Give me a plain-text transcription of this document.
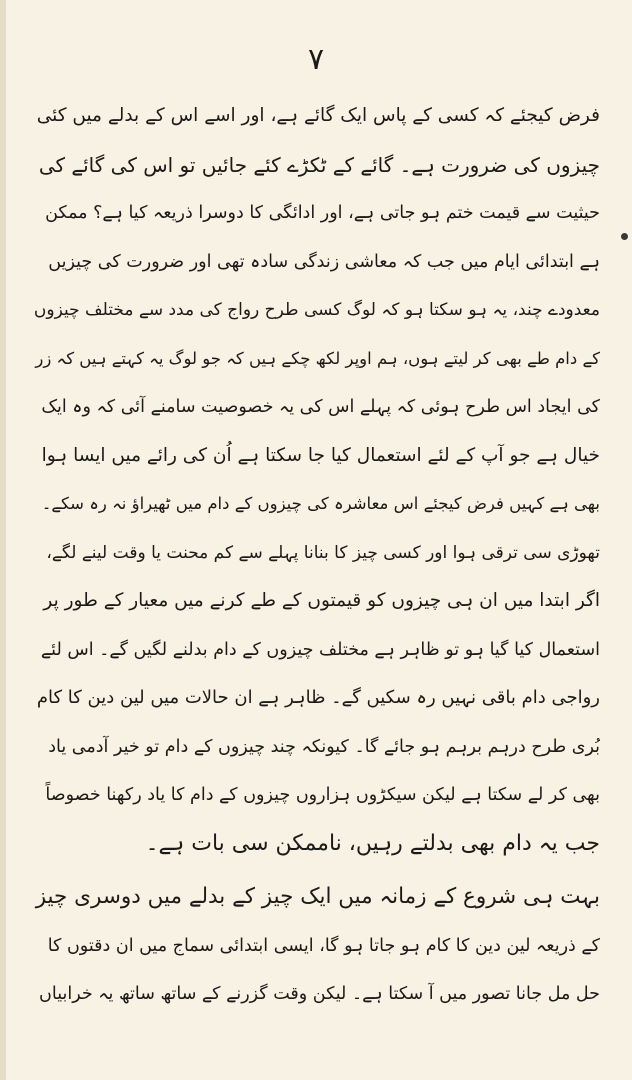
۷
فرض کیجئے کہ کسی کے پاس ایک گائے ہے، اور اسے اس کے بدلے میں کئی
چیزوں کی ضرورت ہے۔ گائے کے ٹکڑے کئے جائیں تو اس کی گائے کی
حیثیت سے قیمت ختم ہو جاتی ہے، اور ادائگی کا دوسرا ذریعہ کیا ہے؟ ممکن
ہے ابتدائی ایام میں جب کہ معاشی زندگی سادہ تھی اور ضرورت کی چیزیں
معدودے چند، یہ ہو سکتا ہو کہ لوگ کسی طرح رواج کی مدد سے مختلف چیزوں
کے دام طے بھی کر لیتے ہوں، ہم اوپر لکھ چکے ہیں کہ جو لوگ یہ کہتے ہیں کہ زر
کی ایجاد اس طرح ہوئی کہ پہلے اس کی یہ خصوصیت سامنے آئی کہ وہ ایک
خیال ہے جو آپ کے لئے استعمال کیا جا سکتا ہے اُن کی رائے میں ایسا ہوا
بھی ہے کہیں فرض کیجئے اس معاشرہ کی چیزوں کے دام میں ٹھیراؤ نہ رہ سکے۔
تھوڑی سی ترقی ہوا اور کسی چیز کا بنانا پہلے سے کم محنت یا وقت لینے لگے،
اگر ابتدا میں ان ہی چیزوں کو قیمتوں کے طے کرنے میں معیار کے طور پر
استعمال کیا گیا ہو تو ظاہر ہے مختلف چیزوں کے دام بدلنے لگیں گے۔ اس لئے
رواجی دام باقی نہیں رہ سکیں گے۔ ظاہر ہے ان حالات میں لین دین کا کام
بُری طرح درہم برہم ہو جائے گا۔ کیونکہ چند چیزوں کے دام تو خیر آدمی یاد
بھی کر لے سکتا ہے لیکن سیکڑوں ہزاروں چیزوں کے دام کا یاد رکھنا خصوصاً
جب یہ دام بھی بدلتے رہیں، ناممکن سی بات ہے۔
بہت ہی شروع کے زمانہ میں ایک چیز کے بدلے میں دوسری چیز
کے ذریعہ لین دین کا کام ہو جاتا ہو گا، ایسی ابتدائی سماج میں ان دقتوں کا
حل مل جانا تصور میں آ سکتا ہے۔ لیکن وقت گزرنے کے ساتھ ساتھ یہ خرابیاں
